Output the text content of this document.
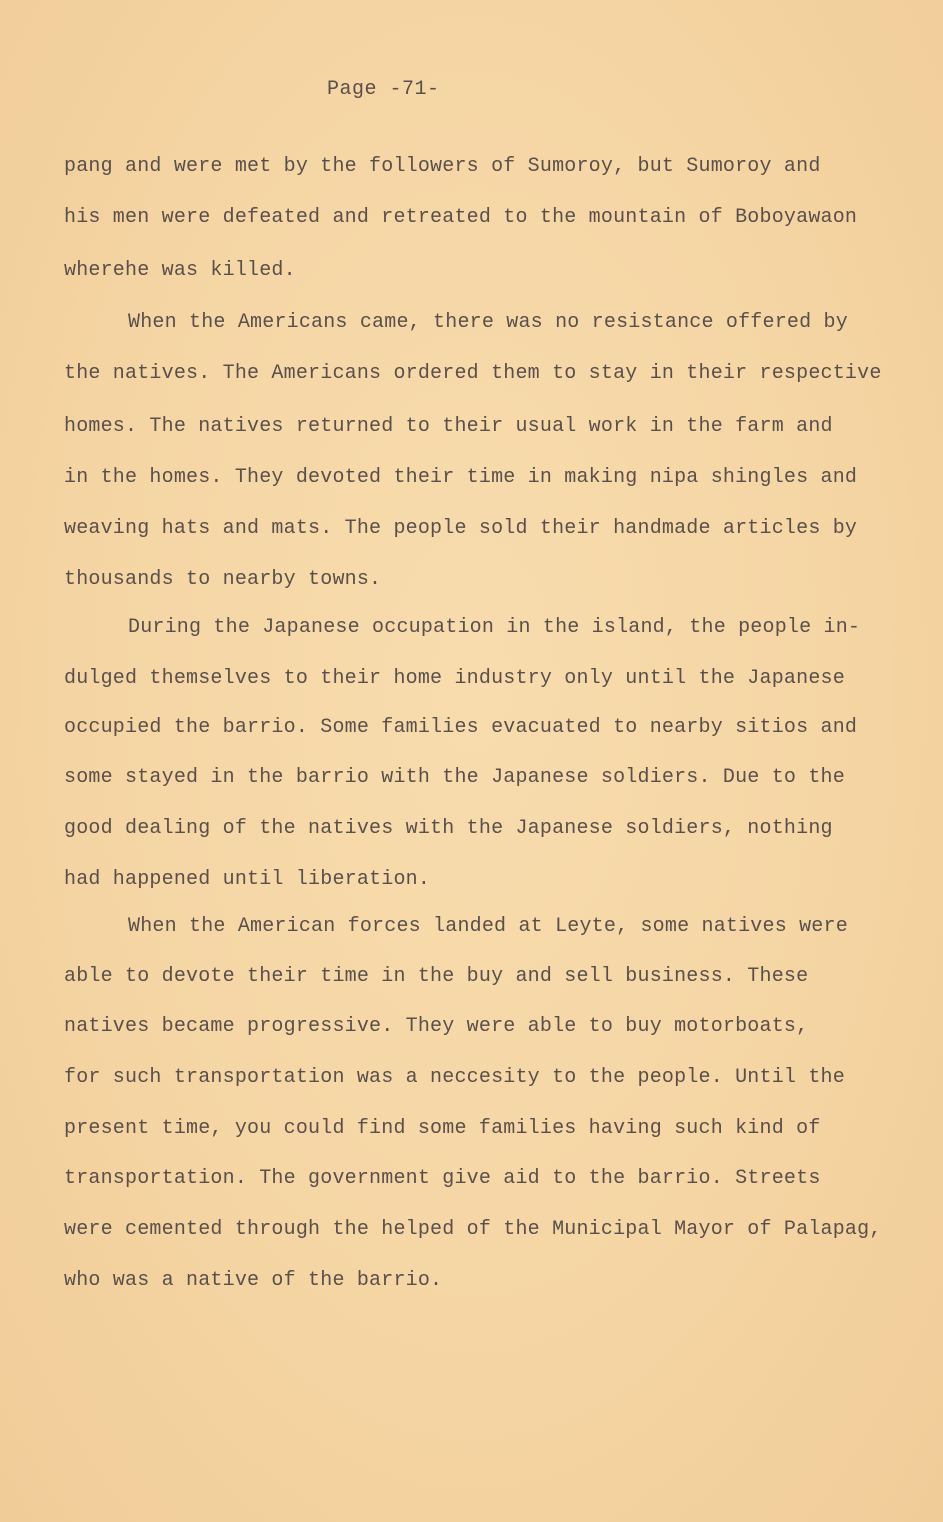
Page -71-

pang and were met by the followers of Sumoroy, but Sumoroy and

his men were defeated and retreated to the mountain of Boboyawaon

wherehe was killed.

When the Americans came, there was no resistance offered by

the natives. The Americans ordered them to stay in their respective

homes. The natives returned to their usual work in the farm and

in the homes. They devoted their time in making nipa shingles and

weaving hats and mats. The people sold their handmade articles by

thousands to nearby towns.

During the Japanese occupation in the island, the people in-

dulged themselves to their home industry only until the Japanese

occupied the barrio. Some families evacuated to nearby sitios and

some stayed in the barrio with the Japanese soldiers. Due to the

good dealing of the natives with the Japanese soldiers, nothing

had happened until liberation.

When the American forces landed at Leyte, some natives were

able to devote their time in the buy and sell business. These

natives became progressive. They were able to buy motorboats,

for such transportation was a neccesity to the people. Until the

present time, you could find some families having such kind of

transportation. The government give aid to the barrio. Streets

were cemented through the helped of the Municipal Mayor of Palapag,

who was a native of the barrio.
